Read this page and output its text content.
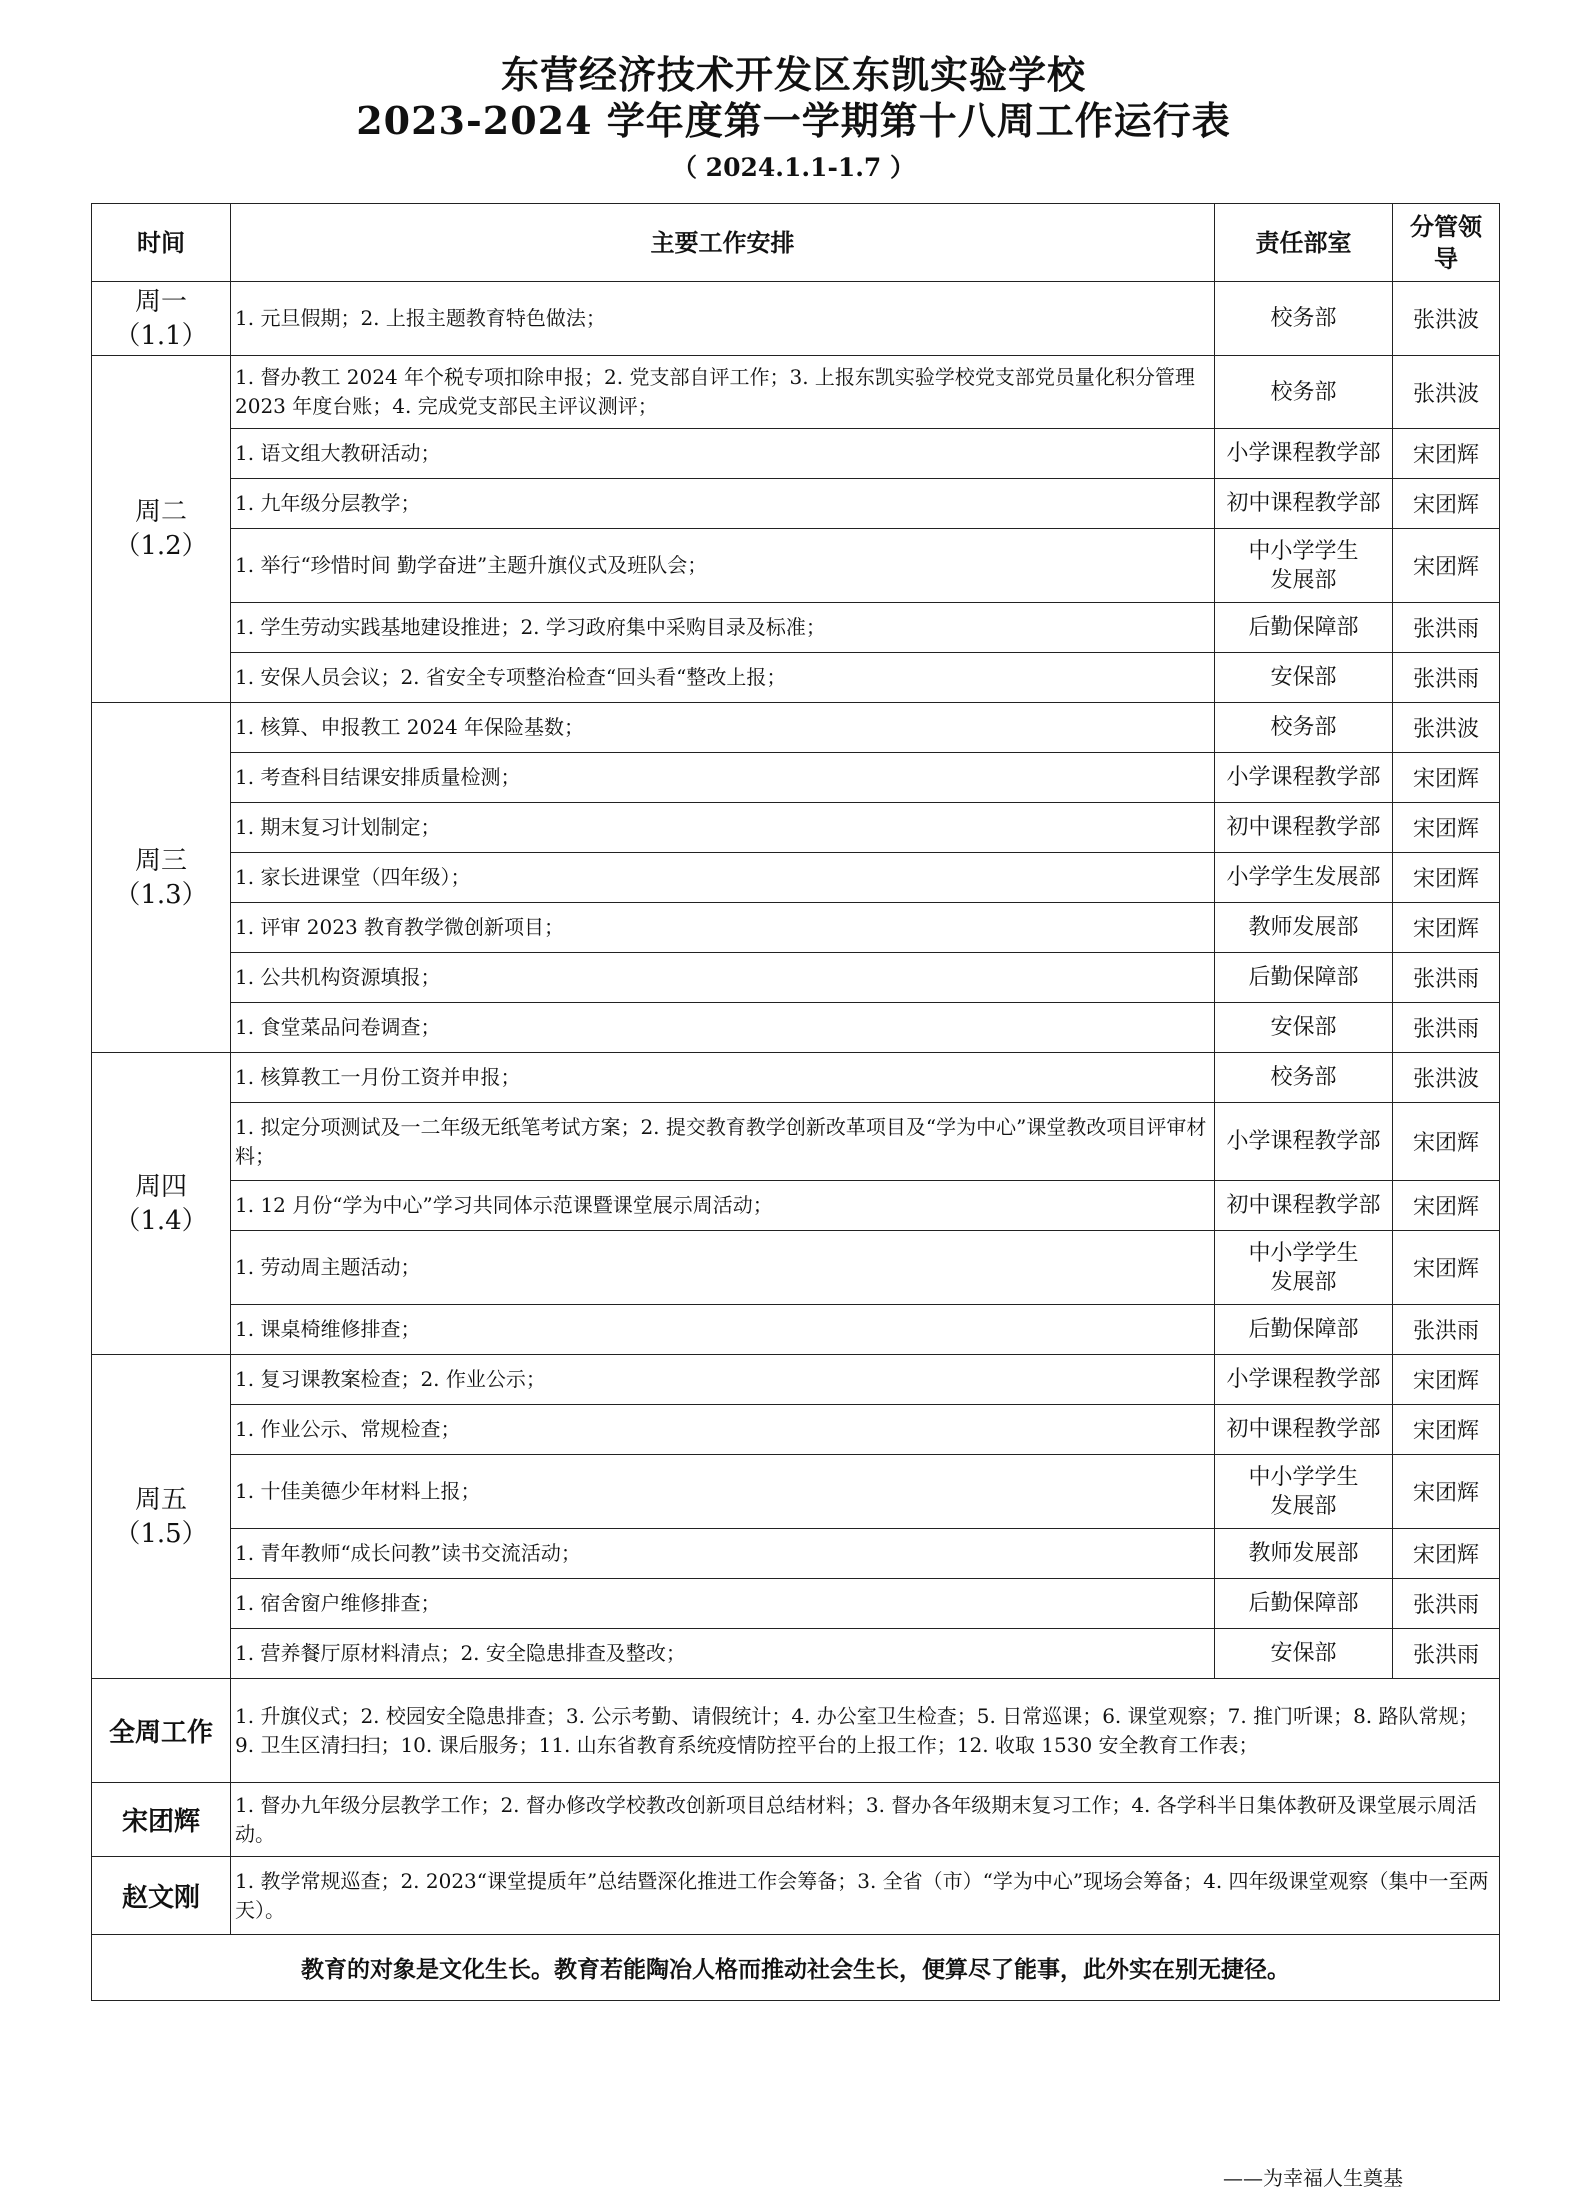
东营经济技术开发区东凯实验学校
2023-2024 学年度第一学期第十八周工作运行表
（ 2024.1.1-1.7 ）
时间	主要工作安排	责任部室	分管领导

周一
（1.1）	1. 元旦假期；2. 上报主题教育特色做法；	校务部	张洪波

周二
（1.2）	1. 督办教工 2024 年个税专项扣除申报；2. 党支部自评工作；3. 上报东凯实验学校党支部党员量化积分管理 2023 年度台账；4. 完成党支部民主评议测评；	校务部	张洪波
	1. 语文组大教研活动；	小学课程教学部	宋团辉
	1. 九年级分层教学；	初中课程教学部	宋团辉
	1. 举行“珍惜时间 勤学奋进”主题升旗仪式及班队会；	中小学学生发展部	宋团辉
	1. 学生劳动实践基地建设推进；2. 学习政府集中采购目录及标准；	后勤保障部	张洪雨
	1. 安保人员会议；2. 省安全专项整治检查“回头看“整改上报；	安保部	张洪雨

周三
（1.3）	1. 核算、申报教工 2024 年保险基数；	校务部	张洪波
	1. 考查科目结课安排质量检测；	小学课程教学部	宋团辉
	1. 期末复习计划制定；	初中课程教学部	宋团辉
	1. 家长进课堂（四年级）；	小学学生发展部	宋团辉
	1. 评审 2023 教育教学微创新项目；	教师发展部	宋团辉
	1. 公共机构资源填报；	后勤保障部	张洪雨
	1. 食堂菜品问卷调查；	安保部	张洪雨

周四
（1.4）	1. 核算教工一月份工资并申报；	校务部	张洪波
	1. 拟定分项测试及一二年级无纸笔考试方案；2. 提交教育教学创新改革项目及“学为中心”课堂教改项目评审材料；	小学课程教学部	宋团辉
	1. 12 月份“学为中心”学习共同体示范课暨课堂展示周活动；	初中课程教学部	宋团辉
	1. 劳动周主题活动；	中小学学生发展部	宋团辉
	1. 课桌椅维修排查；	后勤保障部	张洪雨

周五
（1.5）	1. 复习课教案检查；2. 作业公示；	小学课程教学部	宋团辉
	1. 作业公示、常规检查；	初中课程教学部	宋团辉
	1. 十佳美德少年材料上报；	中小学学生发展部	宋团辉
	1. 青年教师“成长问教”读书交流活动；	教师发展部	宋团辉
	1. 宿舍窗户维修排查；	后勤保障部	张洪雨
	1. 营养餐厅原材料清点；2. 安全隐患排查及整改；	安保部	张洪雨
全周工作	1. 升旗仪式；2. 校园安全隐患排查；3. 公示考勤、请假统计；4. 办公室卫生检查；5. 日常巡课；6. 课堂观察；7. 推门听课；8. 路队常规；9. 卫生区清扫扫；10. 课后服务；11. 山东省教育系统疫情防控平台的上报工作；12. 收取 1530 安全教育工作表；		
宋团辉	1. 督办九年级分层教学工作；2. 督办修改学校教改创新项目总结材料；3. 督办各年级期末复习工作；4. 各学科半日集体教研及课堂展示周活动。		
赵文刚	1. 教学常规巡查；2. 2023“课堂提质年”总结暨深化推进工作会筹备；3. 全省（市）“学为中心”现场会筹备；4. 四年级课堂观察（集中一至两天）。		
教育的对象是文化生长。教育若能陶冶人格而推动社会生长，便算尽了能事，此外实在别无捷径。			
——为幸福人生奠基
